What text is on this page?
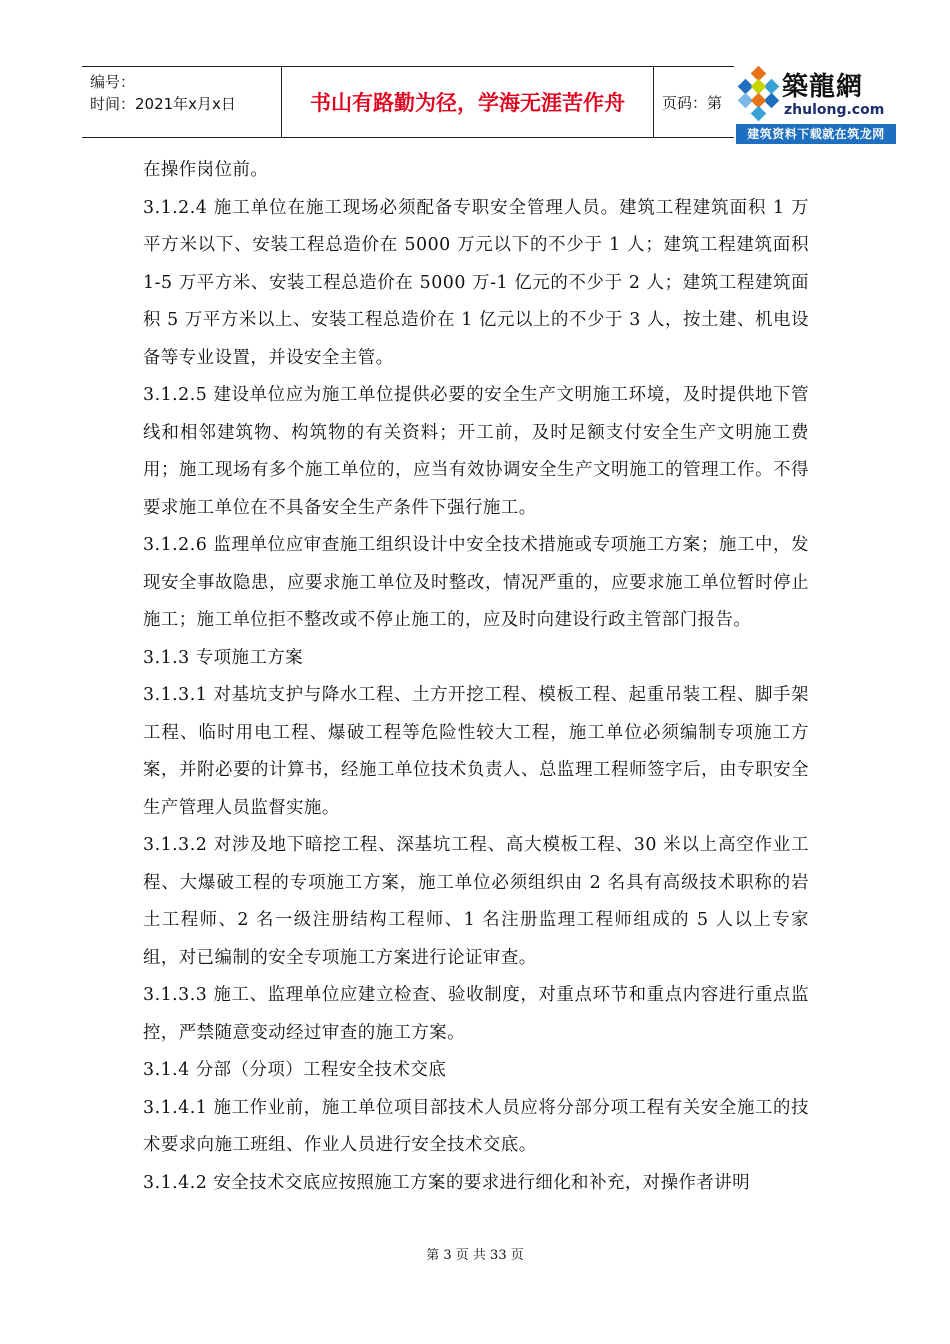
编号：
时间：2021年x月x日	书山有路勤为径，学海无涯苦作舟	页码：第
築龍網
zhulong.com
建筑资料下载就在筑龙网

在操作岗位前。

3.1.2.4 施工单位在施工现场必须配备专职安全管理人员。建筑工程建筑面积 1 万平方米以下、安装工程总造价在 5000 万元以下的不少于 1 人；建筑工程建筑面积 1-5 万平方米、安装工程总造价在 5000 万-1 亿元的不少于 2 人；建筑工程建筑面积 5 万平方米以上、安装工程总造价在 1 亿元以上的不少于 3 人，按土建、机电设备等专业设置，并设安全主管。

3.1.2.5 建设单位应为施工单位提供必要的安全生产文明施工环境，及时提供地下管线和相邻建筑物、构筑物的有关资料；开工前，及时足额支付安全生产文明施工费用；施工现场有多个施工单位的，应当有效协调安全生产文明施工的管理工作。不得要求施工单位在不具备安全生产条件下强行施工。

3.1.2.6 监理单位应审查施工组织设计中安全技术措施或专项施工方案；施工中，发现安全事故隐患，应要求施工单位及时整改，情况严重的，应要求施工单位暂时停止施工；施工单位拒不整改或不停止施工的，应及时向建设行政主管部门报告。

3.1.3 专项施工方案

3.1.3.1 对基坑支护与降水工程、土方开挖工程、模板工程、起重吊装工程、脚手架工程、临时用电工程、爆破工程等危险性较大工程，施工单位必须编制专项施工方案，并附必要的计算书，经施工单位技术负责人、总监理工程师签字后，由专职安全生产管理人员监督实施。

3.1.3.2 对涉及地下暗挖工程、深基坑工程、高大模板工程、30 米以上高空作业工程、大爆破工程的专项施工方案，施工单位必须组织由 2 名具有高级技术职称的岩土工程师、2 名一级注册结构工程师、1 名注册监理工程师组成的 5 人以上专家组，对已编制的安全专项施工方案进行论证审查。

3.1.3.3 施工、监理单位应建立检查、验收制度，对重点环节和重点内容进行重点监控，严禁随意变动经过审查的施工方案。

3.1.4 分部（分项）工程安全技术交底

3.1.4.1 施工作业前，施工单位项目部技术人员应将分部分项工程有关安全施工的技术要求向施工班组、作业人员进行安全技术交底。

3.1.4.2 安全技术交底应按照施工方案的要求进行细化和补充，对操作者讲明

第 3 页 共 33 页
